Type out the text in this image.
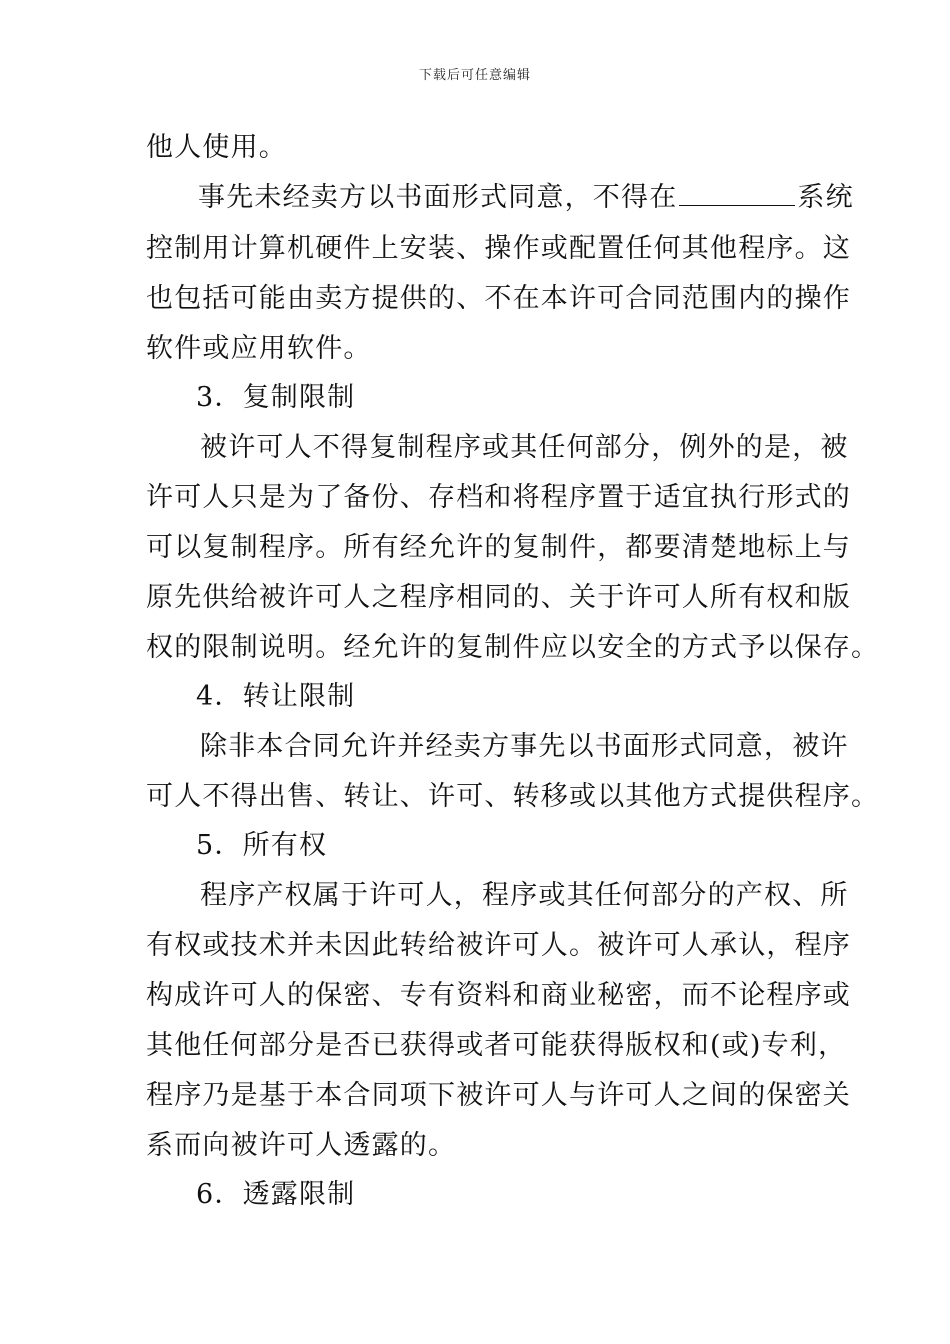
下载后可任意编辑
他人使用。
事先未经卖方以书面形式同意，不得在	系统
控制用计算机硬件上安装、操作或配置任何其他程序。这
也包括可能由卖方提供的、不在本许可合同范围内的操作
软件或应用软件。
3．复制限制
被许可人不得复制程序或其任何部分，例外的是，被
许可人只是为了备份、存档和将程序置于适宜执行形式的
可以复制程序。所有经允许的复制件，都要清楚地标上与
原先供给被许可人之程序相同的、关于许可人所有权和版
权的限制说明。经允许的复制件应以安全的方式予以保存。
4．转让限制
除非本合同允许并经卖方事先以书面形式同意，被许
可人不得出售、转让、许可、转移或以其他方式提供程序。
5．所有权
程序产权属于许可人，程序或其任何部分的产权、所
有权或技术并未因此转给被许可人。被许可人承认，程序
构成许可人的保密、专有资料和商业秘密，而不论程序或
其他任何部分是否已获得或者可能获得版权和(或)专利，
程序乃是基于本合同项下被许可人与许可人之间的保密关
系而向被许可人透露的。
6．透露限制
